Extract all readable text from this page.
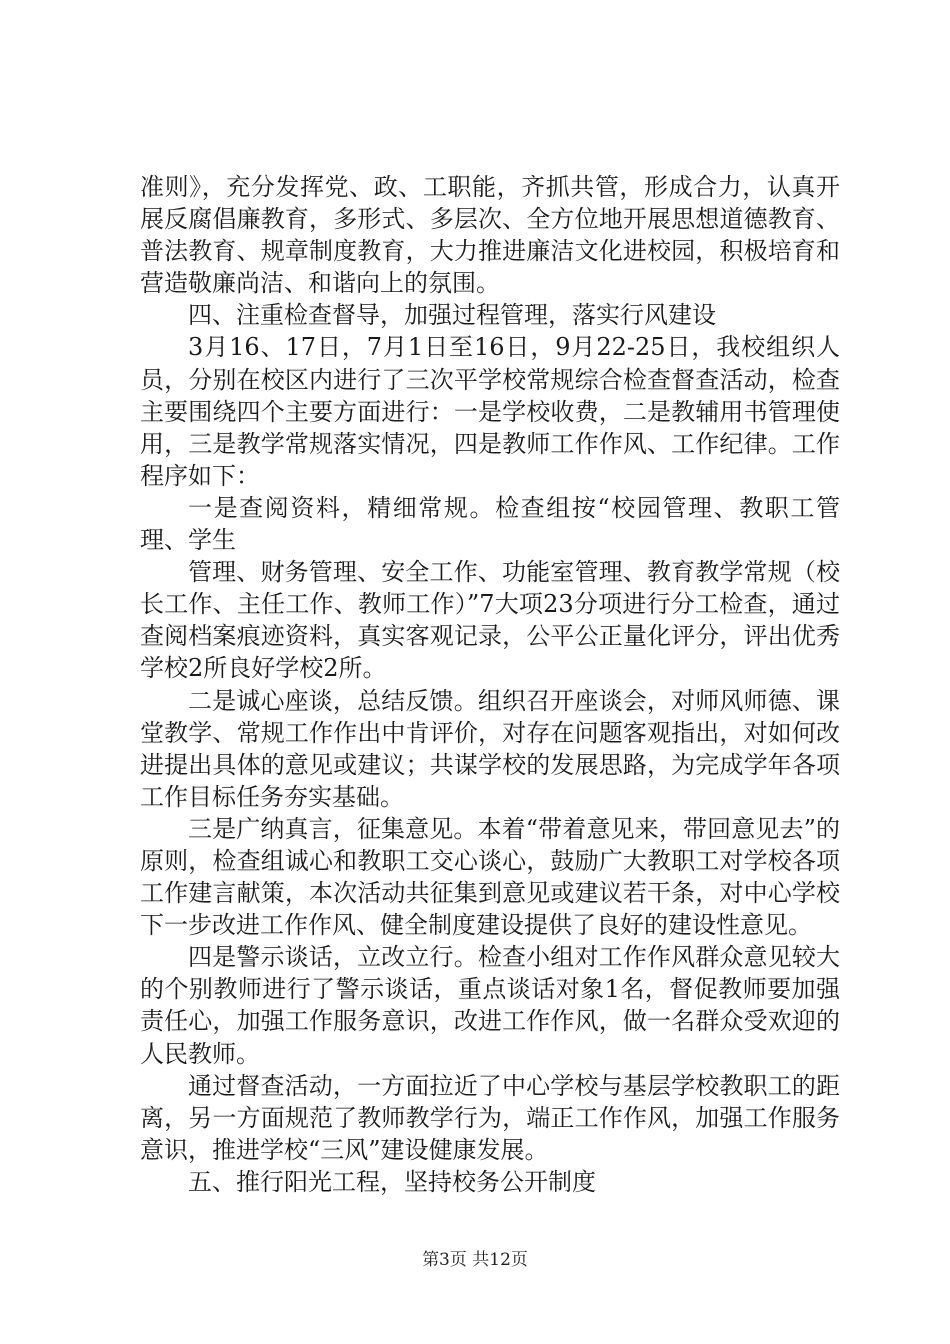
准则》，充分发挥党、政、工职能，齐抓共管，形成合力，认真开展反腐倡廉教育，多形式、多层次、全方位地开展思想道德教育、普法教育、规章制度教育，大力推进廉洁文化进校园，积极培育和营造敬廉尚洁、和谐向上的氛围。

四、注重检查督导，加强过程管理，落实行风建设

3月16、17日，7月1日至16日，9月22-25日，我校组织人员，分别在校区内进行了三次平学校常规综合检查督查活动，检查主要围绕四个主要方面进行：一是学校收费，二是教辅用书管理使用，三是教学常规落实情况，四是教师工作作风、工作纪律。工作程序如下：

一是查阅资料，精细常规。检查组按“校园管理、教职工管理、学生

管理、财务管理、安全工作、功能室管理、教育教学常规（校长工作、主任工作、教师工作）”7大项23分项进行分工检查，通过查阅档案痕迹资料，真实客观记录，公平公正量化评分，评出优秀学校2所良好学校2所。

二是诚心座谈，总结反馈。组织召开座谈会，对师风师德、课堂教学、常规工作作出中肯评价，对存在问题客观指出，对如何改进提出具体的意见或建议；共谋学校的发展思路，为完成学年各项工作目标任务夯实基础。

三是广纳真言，征集意见。本着“带着意见来，带回意见去”的原则，检查组诚心和教职工交心谈心，鼓励广大教职工对学校各项工作建言献策，本次活动共征集到意见或建议若干条，对中心学校下一步改进工作作风、健全制度建设提供了良好的建设性意见。

四是警示谈话，立改立行。检查小组对工作作风群众意见较大的个别教师进行了警示谈话，重点谈话对象1名，督促教师要加强责任心，加强工作服务意识，改进工作作风，做一名群众受欢迎的人民教师。

通过督查活动，一方面拉近了中心学校与基层学校教职工的距离，另一方面规范了教师教学行为，端正工作作风，加强工作服务意识，推进学校“三风”建设健康发展。

五、推行阳光工程，坚持校务公开制度

第3页 共12页
